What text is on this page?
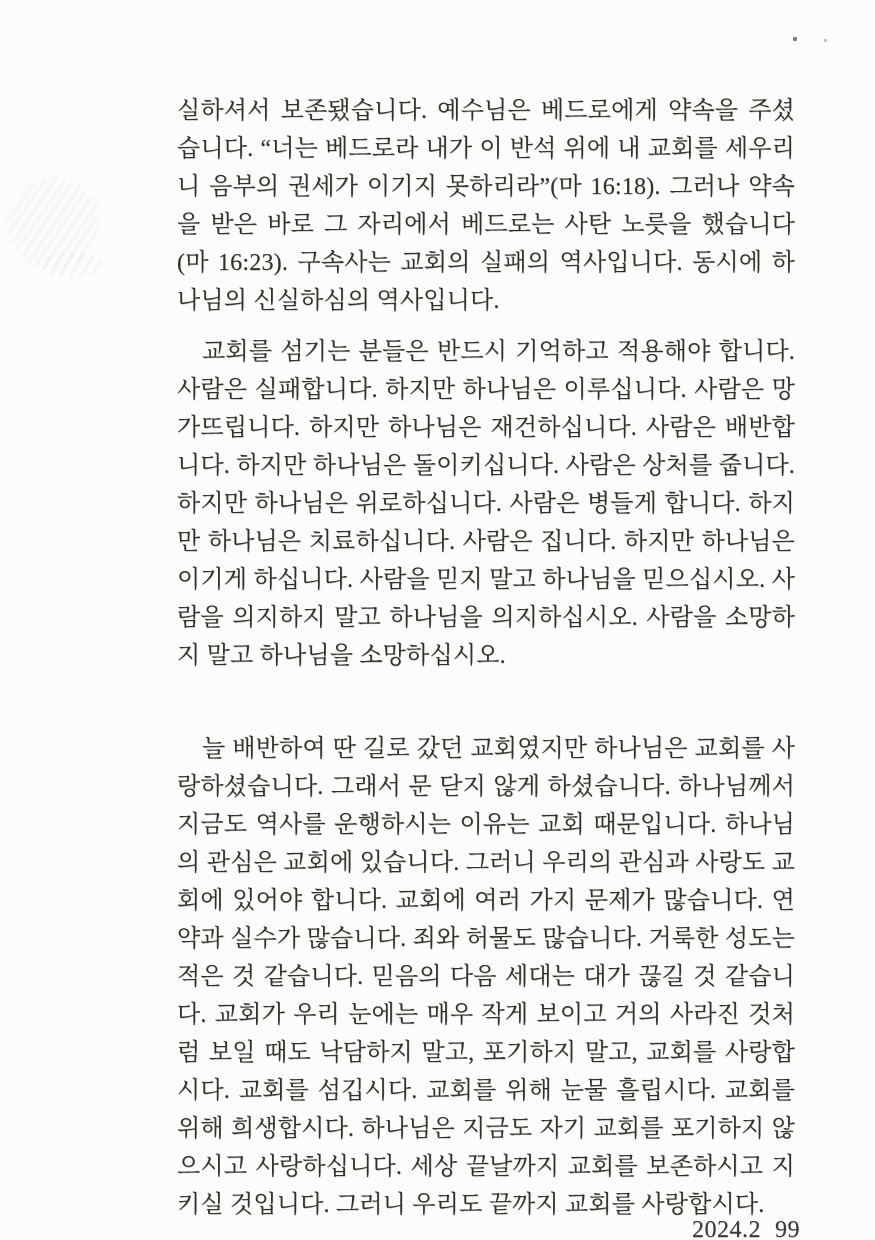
실하셔서 보존됐습니다. 예수님은 베드로에게 약속을 주셨습니다. “너는 베드로라 내가 이 반석 위에 내 교회를 세우리니 음부의 권세가 이기지 못하리라”(마 16:18). 그러나 약속을 받은 바로 그 자리에서 베드로는 사탄 노릇을 했습니다(마 16:23). 구속사는 교회의 실패의 역사입니다. 동시에 하나님의 신실하심의 역사입니다.

교회를 섬기는 분들은 반드시 기억하고 적용해야 합니다. 사람은 실패합니다. 하지만 하나님은 이루십니다. 사람은 망가뜨립니다. 하지만 하나님은 재건하십니다. 사람은 배반합니다. 하지만 하나님은 돌이키십니다. 사람은 상처를 줍니다. 하지만 하나님은 위로하십니다. 사람은 병들게 합니다. 하지만 하나님은 치료하십니다. 사람은 집니다. 하지만 하나님은 이기게 하십니다. 사람을 믿지 말고 하나님을 믿으십시오. 사람을 의지하지 말고 하나님을 의지하십시오. 사람을 소망하지 말고 하나님을 소망하십시오.

늘 배반하여 딴 길로 갔던 교회였지만 하나님은 교회를 사랑하셨습니다. 그래서 문 닫지 않게 하셨습니다. 하나님께서 지금도 역사를 운행하시는 이유는 교회 때문입니다. 하나님의 관심은 교회에 있습니다. 그러니 우리의 관심과 사랑도 교회에 있어야 합니다. 교회에 여러 가지 문제가 많습니다. 연약과 실수가 많습니다. 죄와 허물도 많습니다. 거룩한 성도는 적은 것 같습니다. 믿음의 다음 세대는 대가 끊길 것 같습니다. 교회가 우리 눈에는 매우 작게 보이고 거의 사라진 것처럼 보일 때도 낙담하지 말고, 포기하지 말고, 교회를 사랑합시다. 교회를 섬깁시다. 교회를 위해 눈물 흘립시다. 교회를 위해 희생합시다. 하나님은 지금도 자기 교회를 포기하지 않으시고 사랑하십니다. 세상 끝날까지 교회를 보존하시고 지키실 것입니다. 그러니 우리도 끝까지 교회를 사랑합시다.

2024.2 99
